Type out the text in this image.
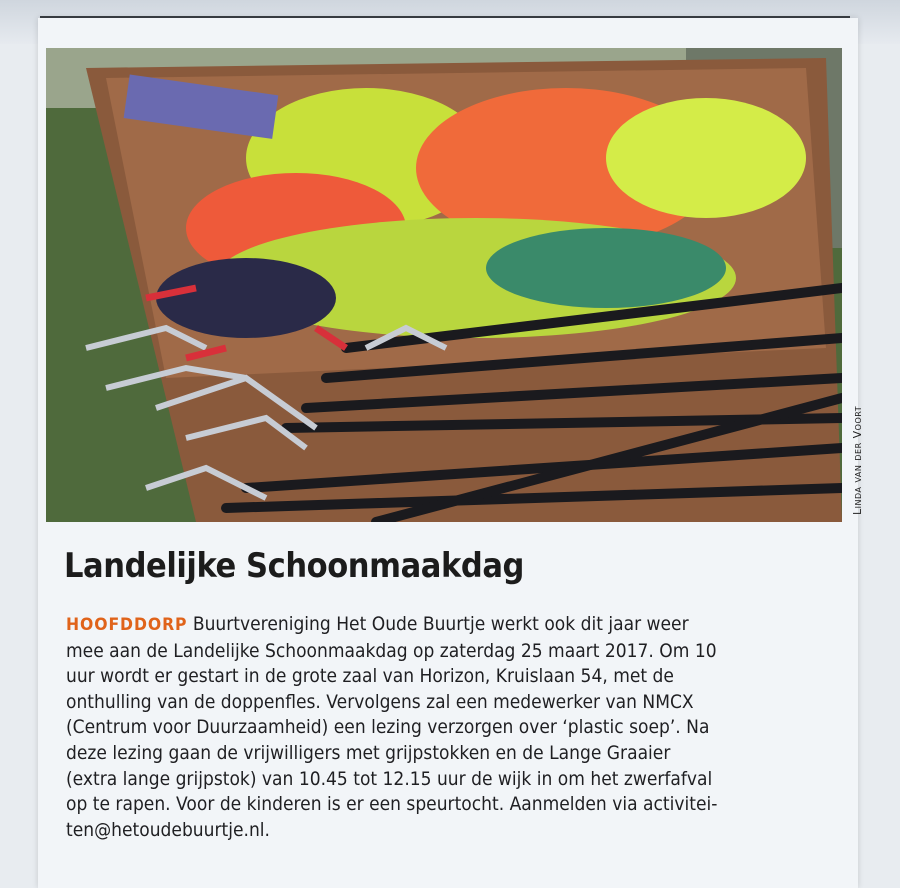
Linda van der Voort
Landelijke Schoonmaakdag
HOOFDDORP Buurtvereniging Het Oude Buurtje werkt ook dit jaar weer
mee aan de Landelijke Schoonmaakdag op zaterdag 25 maart 2017. Om 10
uur wordt er gestart in de grote zaal van Horizon, Kruislaan 54, met de
onthulling van de doppenfles. Vervolgens zal een medewerker van NMCX
(Centrum voor Duurzaamheid) een lezing verzorgen over ‘plastic soep’. Na
deze lezing gaan de vrijwilligers met grijpstokken en de Lange Graaier
(extra lange grijpstok) van 10.45 tot 12.15 uur de wijk in om het zwerfafval
op te rapen. Voor de kinderen is er een speurtocht. Aanmelden via activitei-
ten@hetoudebuurtje.nl.
